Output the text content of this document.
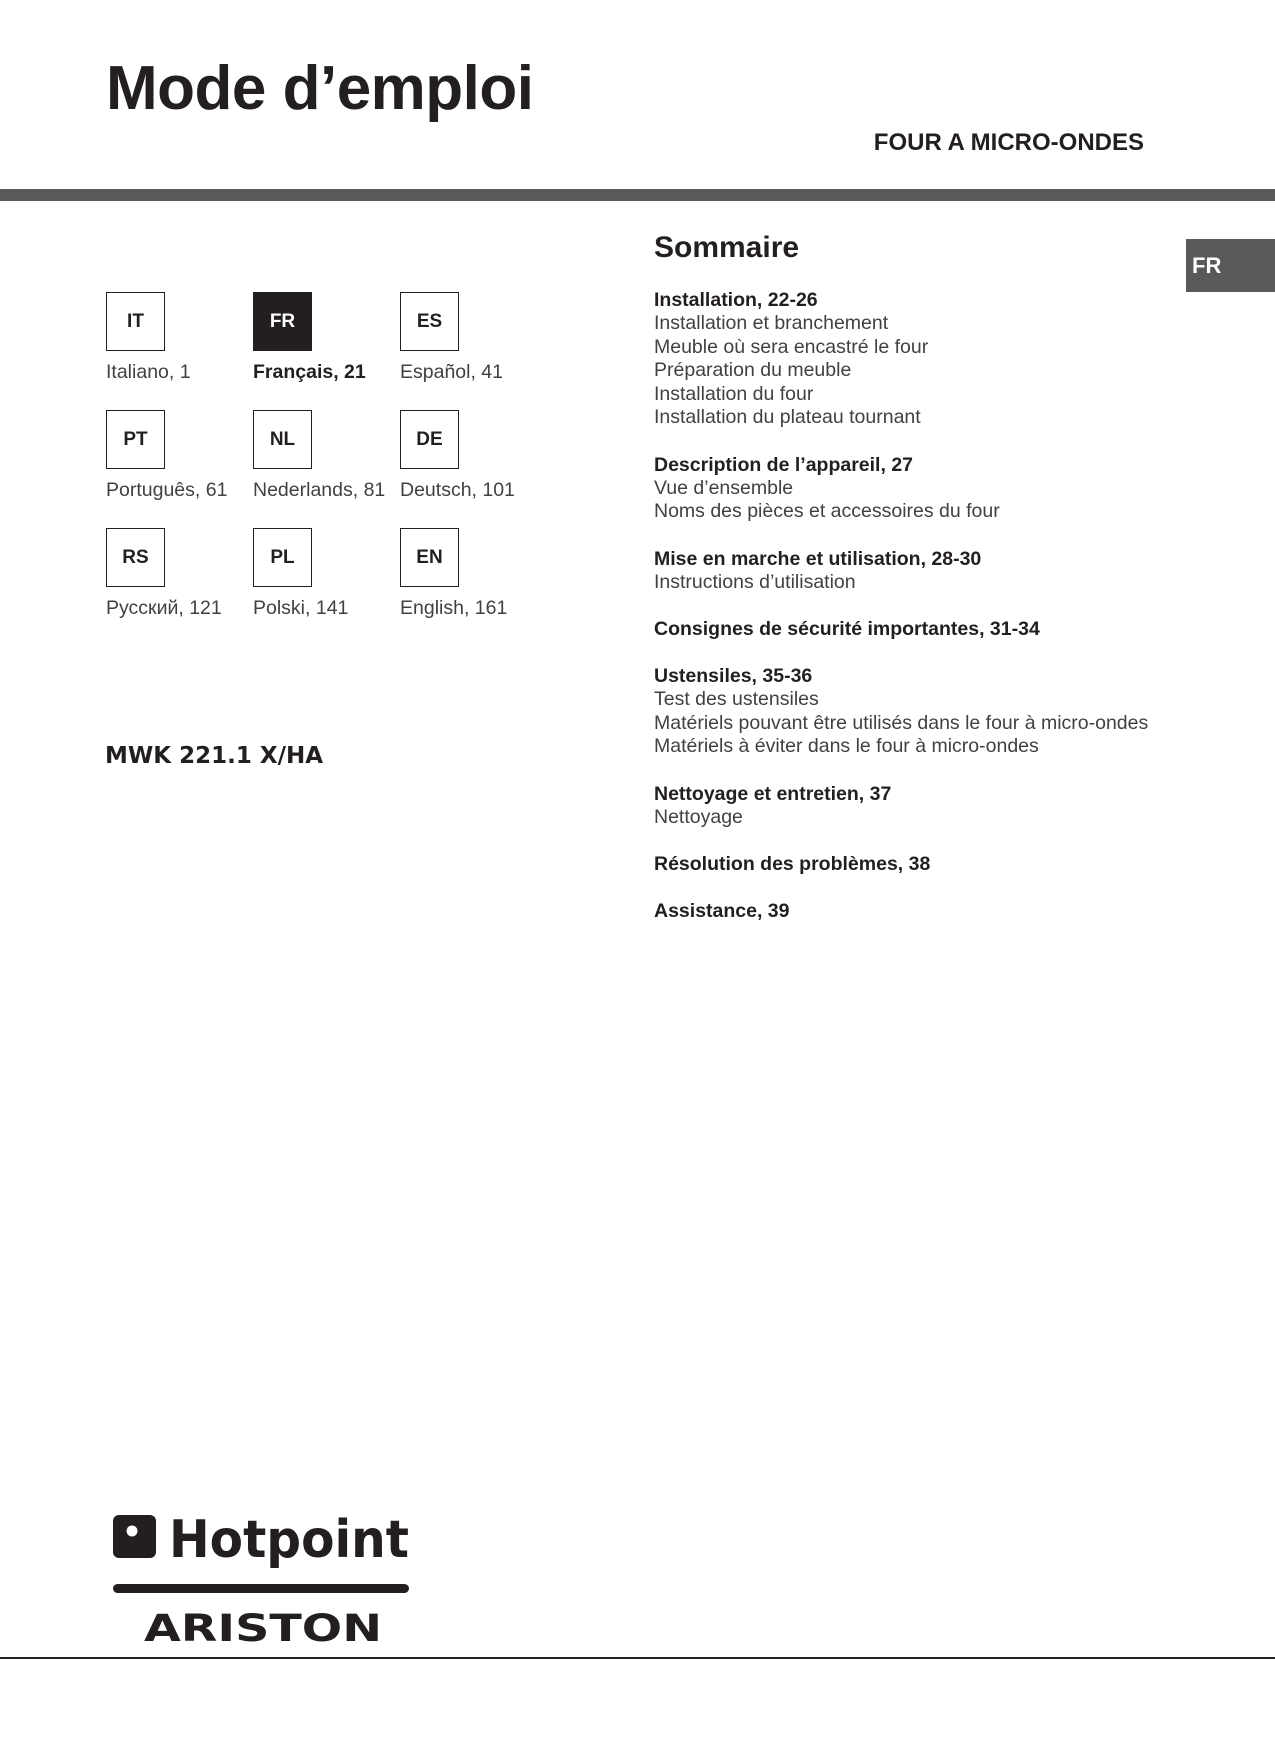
Mode d’emploi
FOUR A MICRO-ONDES
FR
IT
Italiano, 1
FR
Français, 21
ES
Español, 41
PT
Português, 61
NL
Nederlands, 81
DE
Deutsch, 101
RS
Русский, 121
PL
Polski, 141
EN
English, 161
MWK 221.1 X/HA
Sommaire
Installation, 22-26
Installation et branchement
Meuble où sera encastré le four
Préparation du meuble
Installation du four
Installation du plateau tournant
Description de l’appareil, 27
Vue d’ensemble
Noms des pièces et accessoires du four
Mise en marche et utilisation, 28-30
Instructions d’utilisation
Consignes de sécurité importantes, 31-34
Ustensiles, 35-36
Test des ustensiles
Matériels pouvant être utilisés dans le four à micro-ondes
Matériels à éviter dans le four à micro-ondes
Nettoyage et entretien, 37
Nettoyage
Résolution des problèmes, 38
Assistance, 39
Hotpoint
ARISTON
